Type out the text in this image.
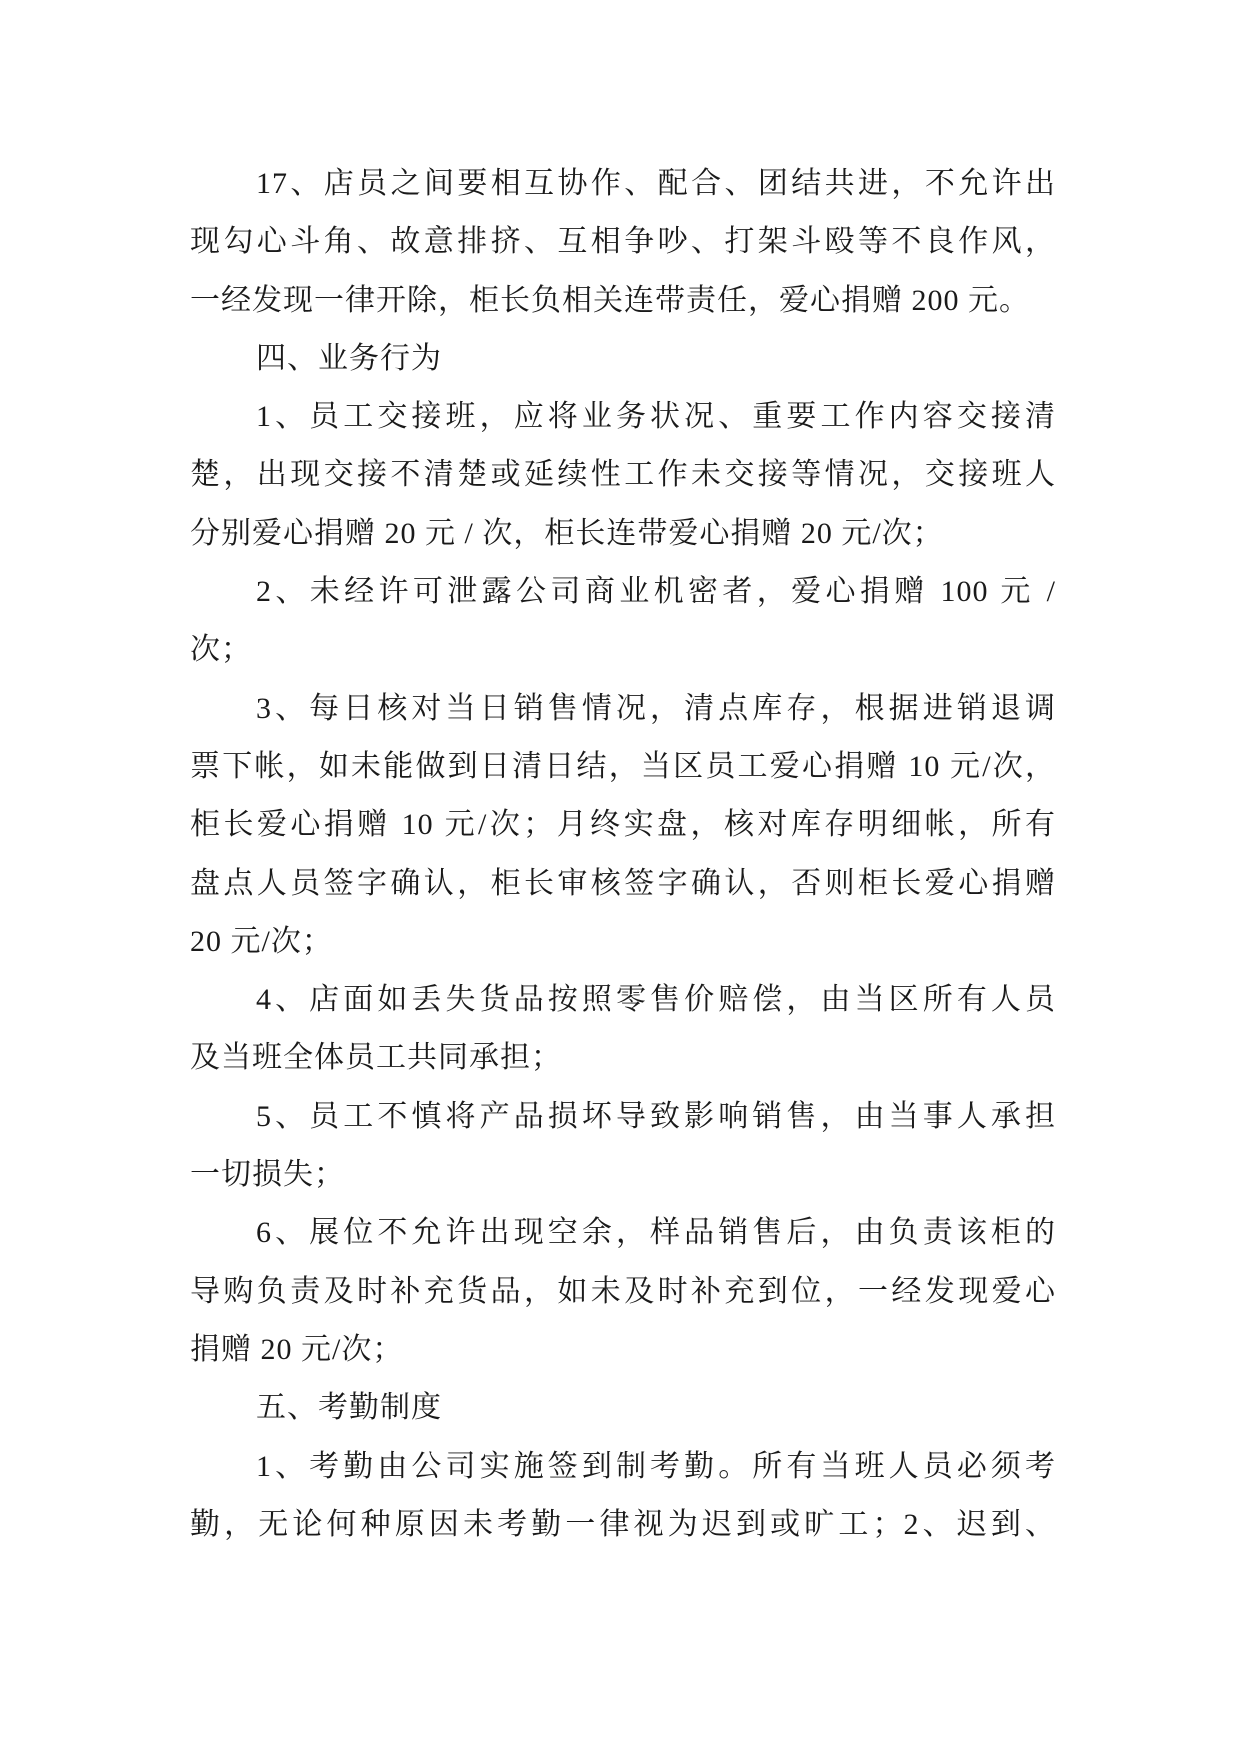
17、店员之间要相互协作、配合、团结共进，不允许出
现勾心斗角、故意排挤、互相争吵、打架斗殴等不良作风，
一经发现一律开除，柜长负相关连带责任，爱心捐赠 200 元。
四、业务行为
1、员工交接班，应将业务状况、重要工作内容交接清
楚，出现交接不清楚或延续性工作未交接等情况，交接班人
分别爱心捐赠 20 元 / 次，柜长连带爱心捐赠 20 元/次；
2、未经许可泄露公司商业机密者，爱心捐赠 100 元 /
次；
3、每日核对当日销售情况，清点库存，根据进销退调
票下帐，如未能做到日清日结，当区员工爱心捐赠 10 元/次，
柜长爱心捐赠 10 元/次；月终实盘，核对库存明细帐，所有
盘点人员签字确认，柜长审核签字确认，否则柜长爱心捐赠
20 元/次；
4、店面如丢失货品按照零售价赔偿，由当区所有人员
及当班全体员工共同承担；
5、员工不慎将产品损坏导致影响销售，由当事人承担
一切损失；
6、展位不允许出现空余，样品销售后，由负责该柜的
导购负责及时补充货品，如未及时补充到位，一经发现爱心
捐赠 20 元/次；
五、考勤制度
1、考勤由公司实施签到制考勤。所有当班人员必须考
勤，无论何种原因未考勤一律视为迟到或旷工；2、迟到、
